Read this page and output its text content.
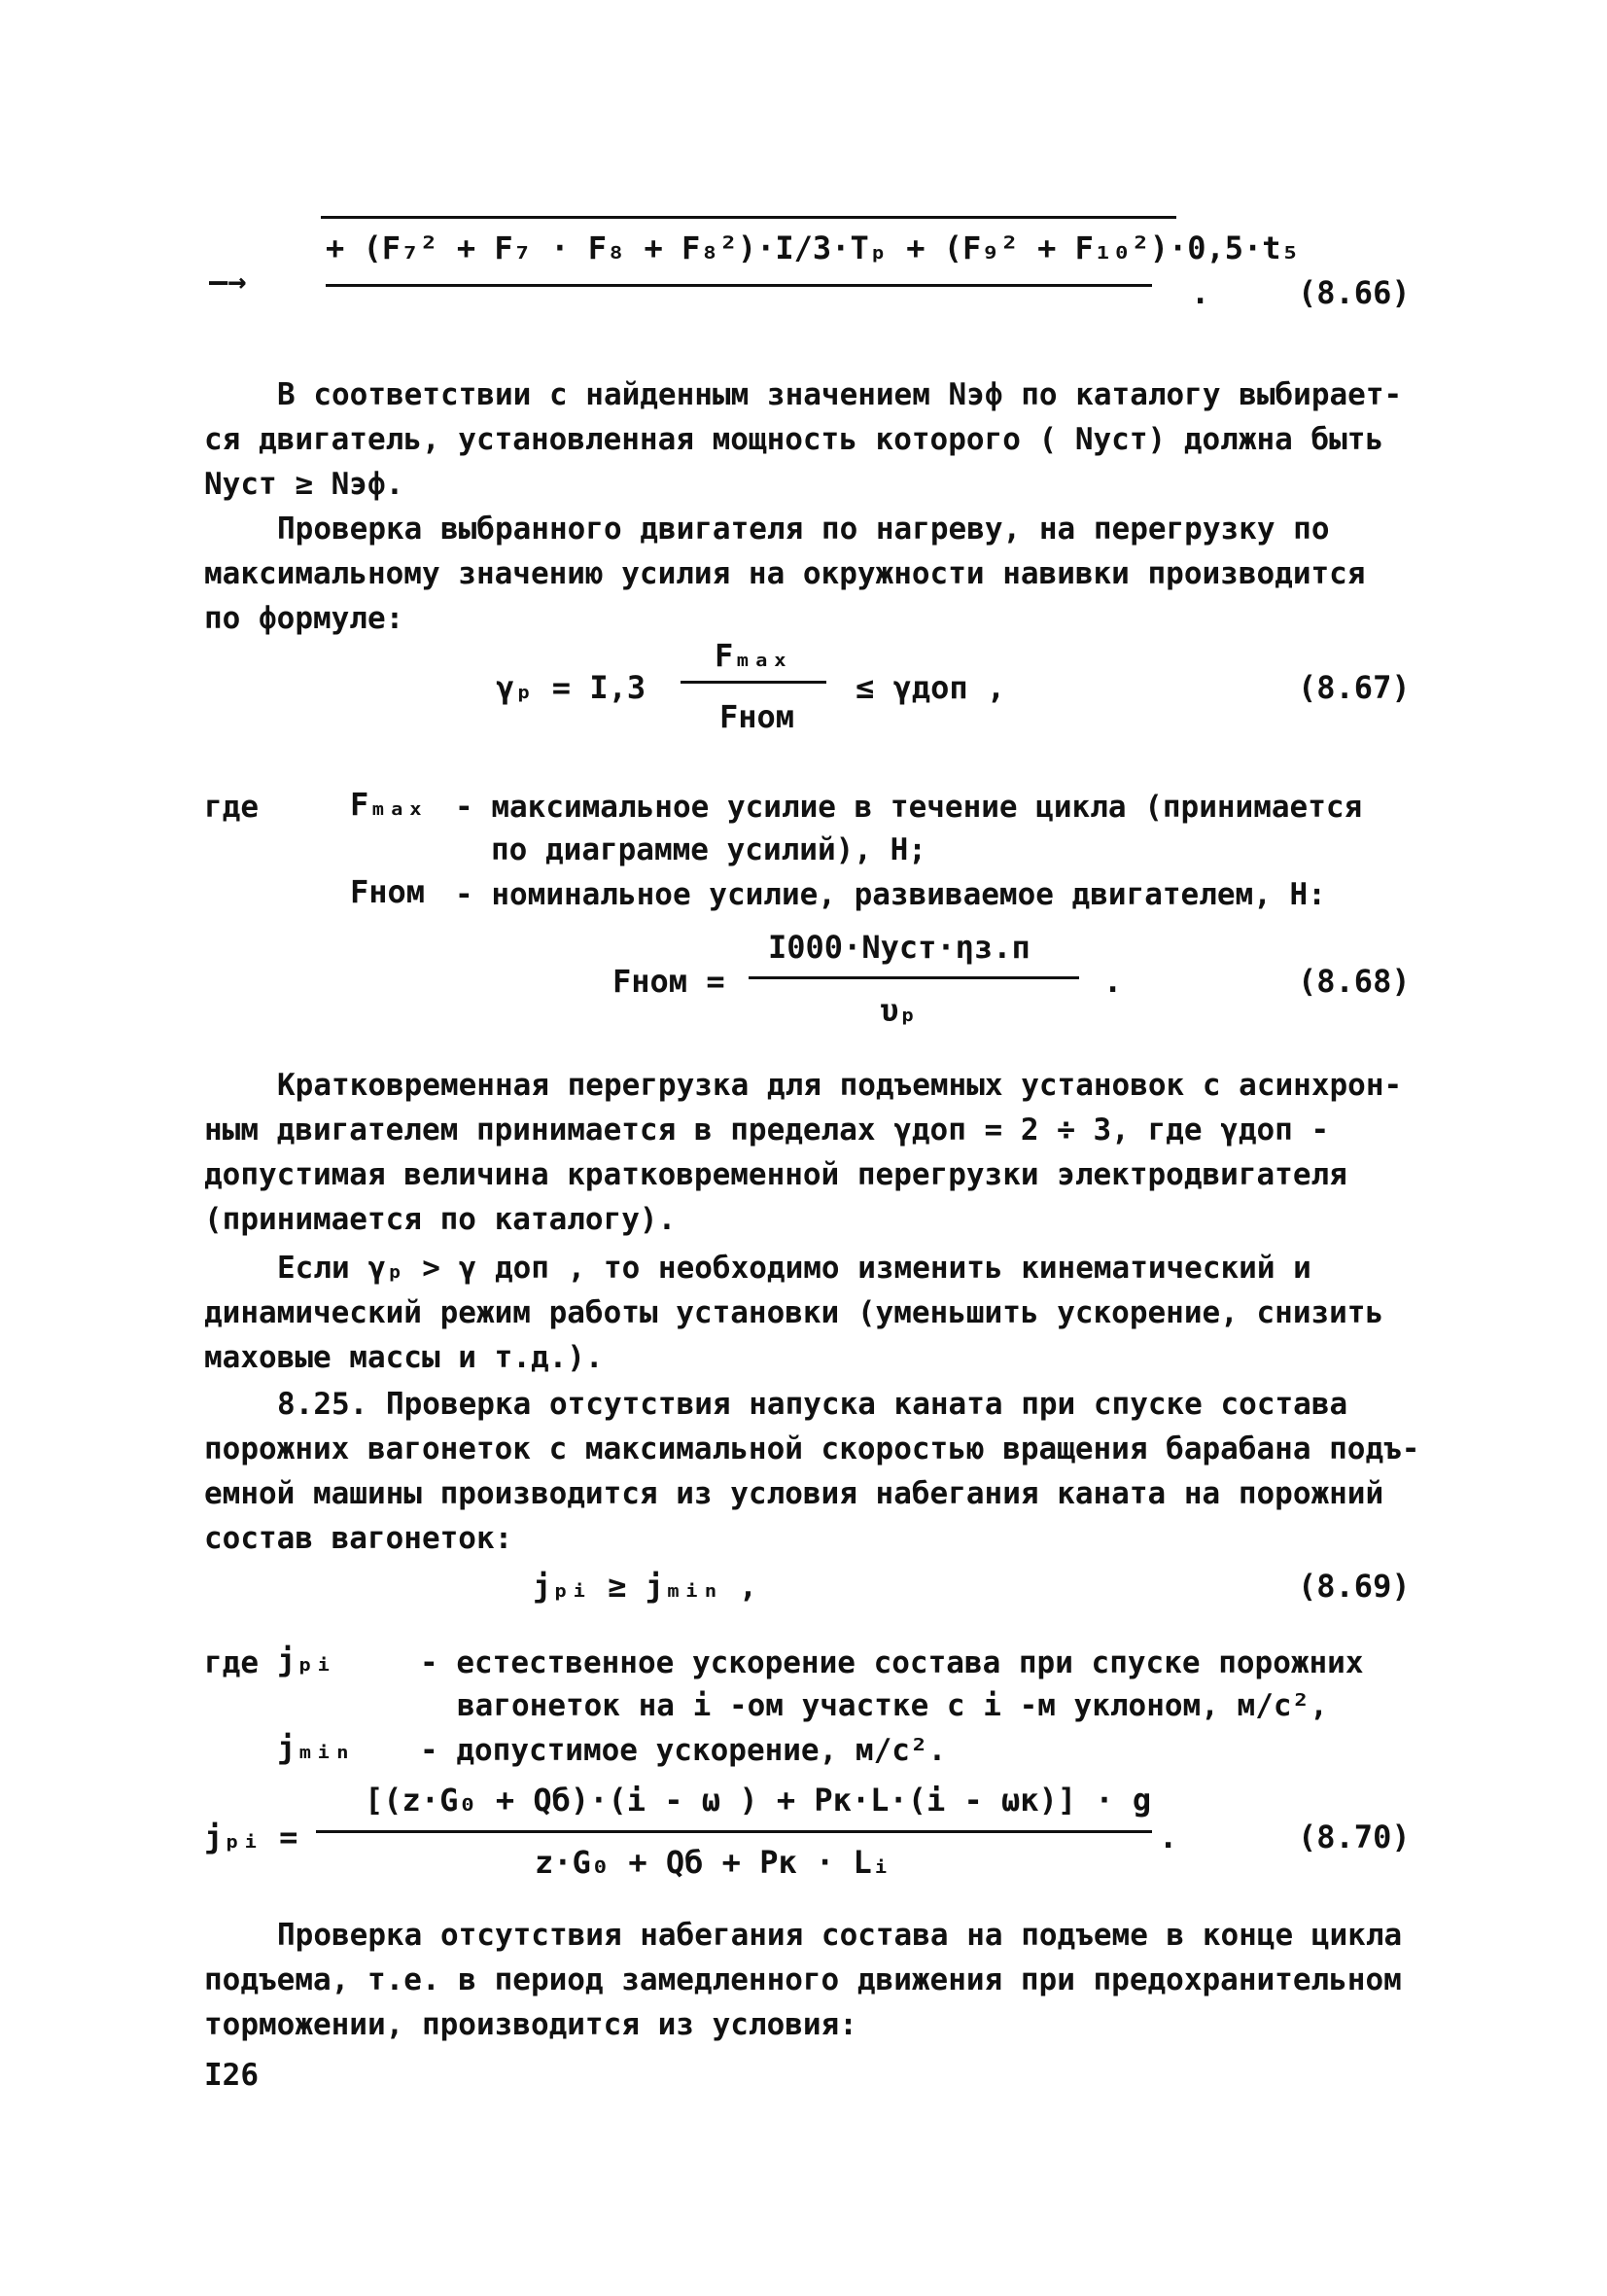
—→
+ (F₇² + F₇ · F₈ + F₈²)·I/3·Tₚ + (F₉² + F₁₀²)·0,5·t₅
.	(8.66)
В соответствии с найденным значением Nэф по каталогу выбирает-
ся двигатель, установленная мощность которого ( Nуст) должна быть
Nуст ≥ Nэф.
Проверка выбранного двигателя по нагреву, на перегрузку по
максимальному значению усилия на окружности навивки производится
по формуле:
γₚ = I,3
Fₘₐₓ
Fном
≤ γдоп ,	(8.67)
где	Fₘₐₓ - максимальное усилие в течение цикла (принимается
по диаграмме усилий), Н;
Fном - номинальное усилие, развиваемое двигателем, Н:
Fном =
I000·Nуст·ηз.п
υₚ
.	(8.68)
Кратковременная перегрузка для подъемных установок с асинхрон-
ным двигателем принимается в пределах γдоп = 2 ÷ 3, где γдоп -
допустимая величина кратковременной перегрузки электродвигателя
(принимается по каталогу).
Если γₚ > γ доп , то необходимо изменить кинематический и
динамический режим работы установки (уменьшить ускорение, снизить
маховые массы и т.д.).
8.25. Проверка отсутствия напуска каната при спуске состава
порожних вагонеток с максимальной скоростью вращения барабана подъ-
емной машины производится из условия набегания каната на порожний
состав вагонеток:
jₚᵢ ≥ jₘᵢₙ ,	(8.69)
где jₚᵢ	- естественное ускорение состава при спуске порожних
вагонеток на i -ом участке с i -м уклоном, м/с²,
jₘᵢₙ - допустимое ускорение, м/с².
jₚᵢ =
[(z·G₀ + Qб)·(i - ω ) + Pк·L·(i - ωк)] · g
z·G₀ + Qб + Pк · Lᵢ
.	(8.70)
Проверка отсутствия набегания состава на подъеме в конце цикла
подъема, т.е. в период замедленного движения при предохранительном
торможении, производится из условия:
I26
